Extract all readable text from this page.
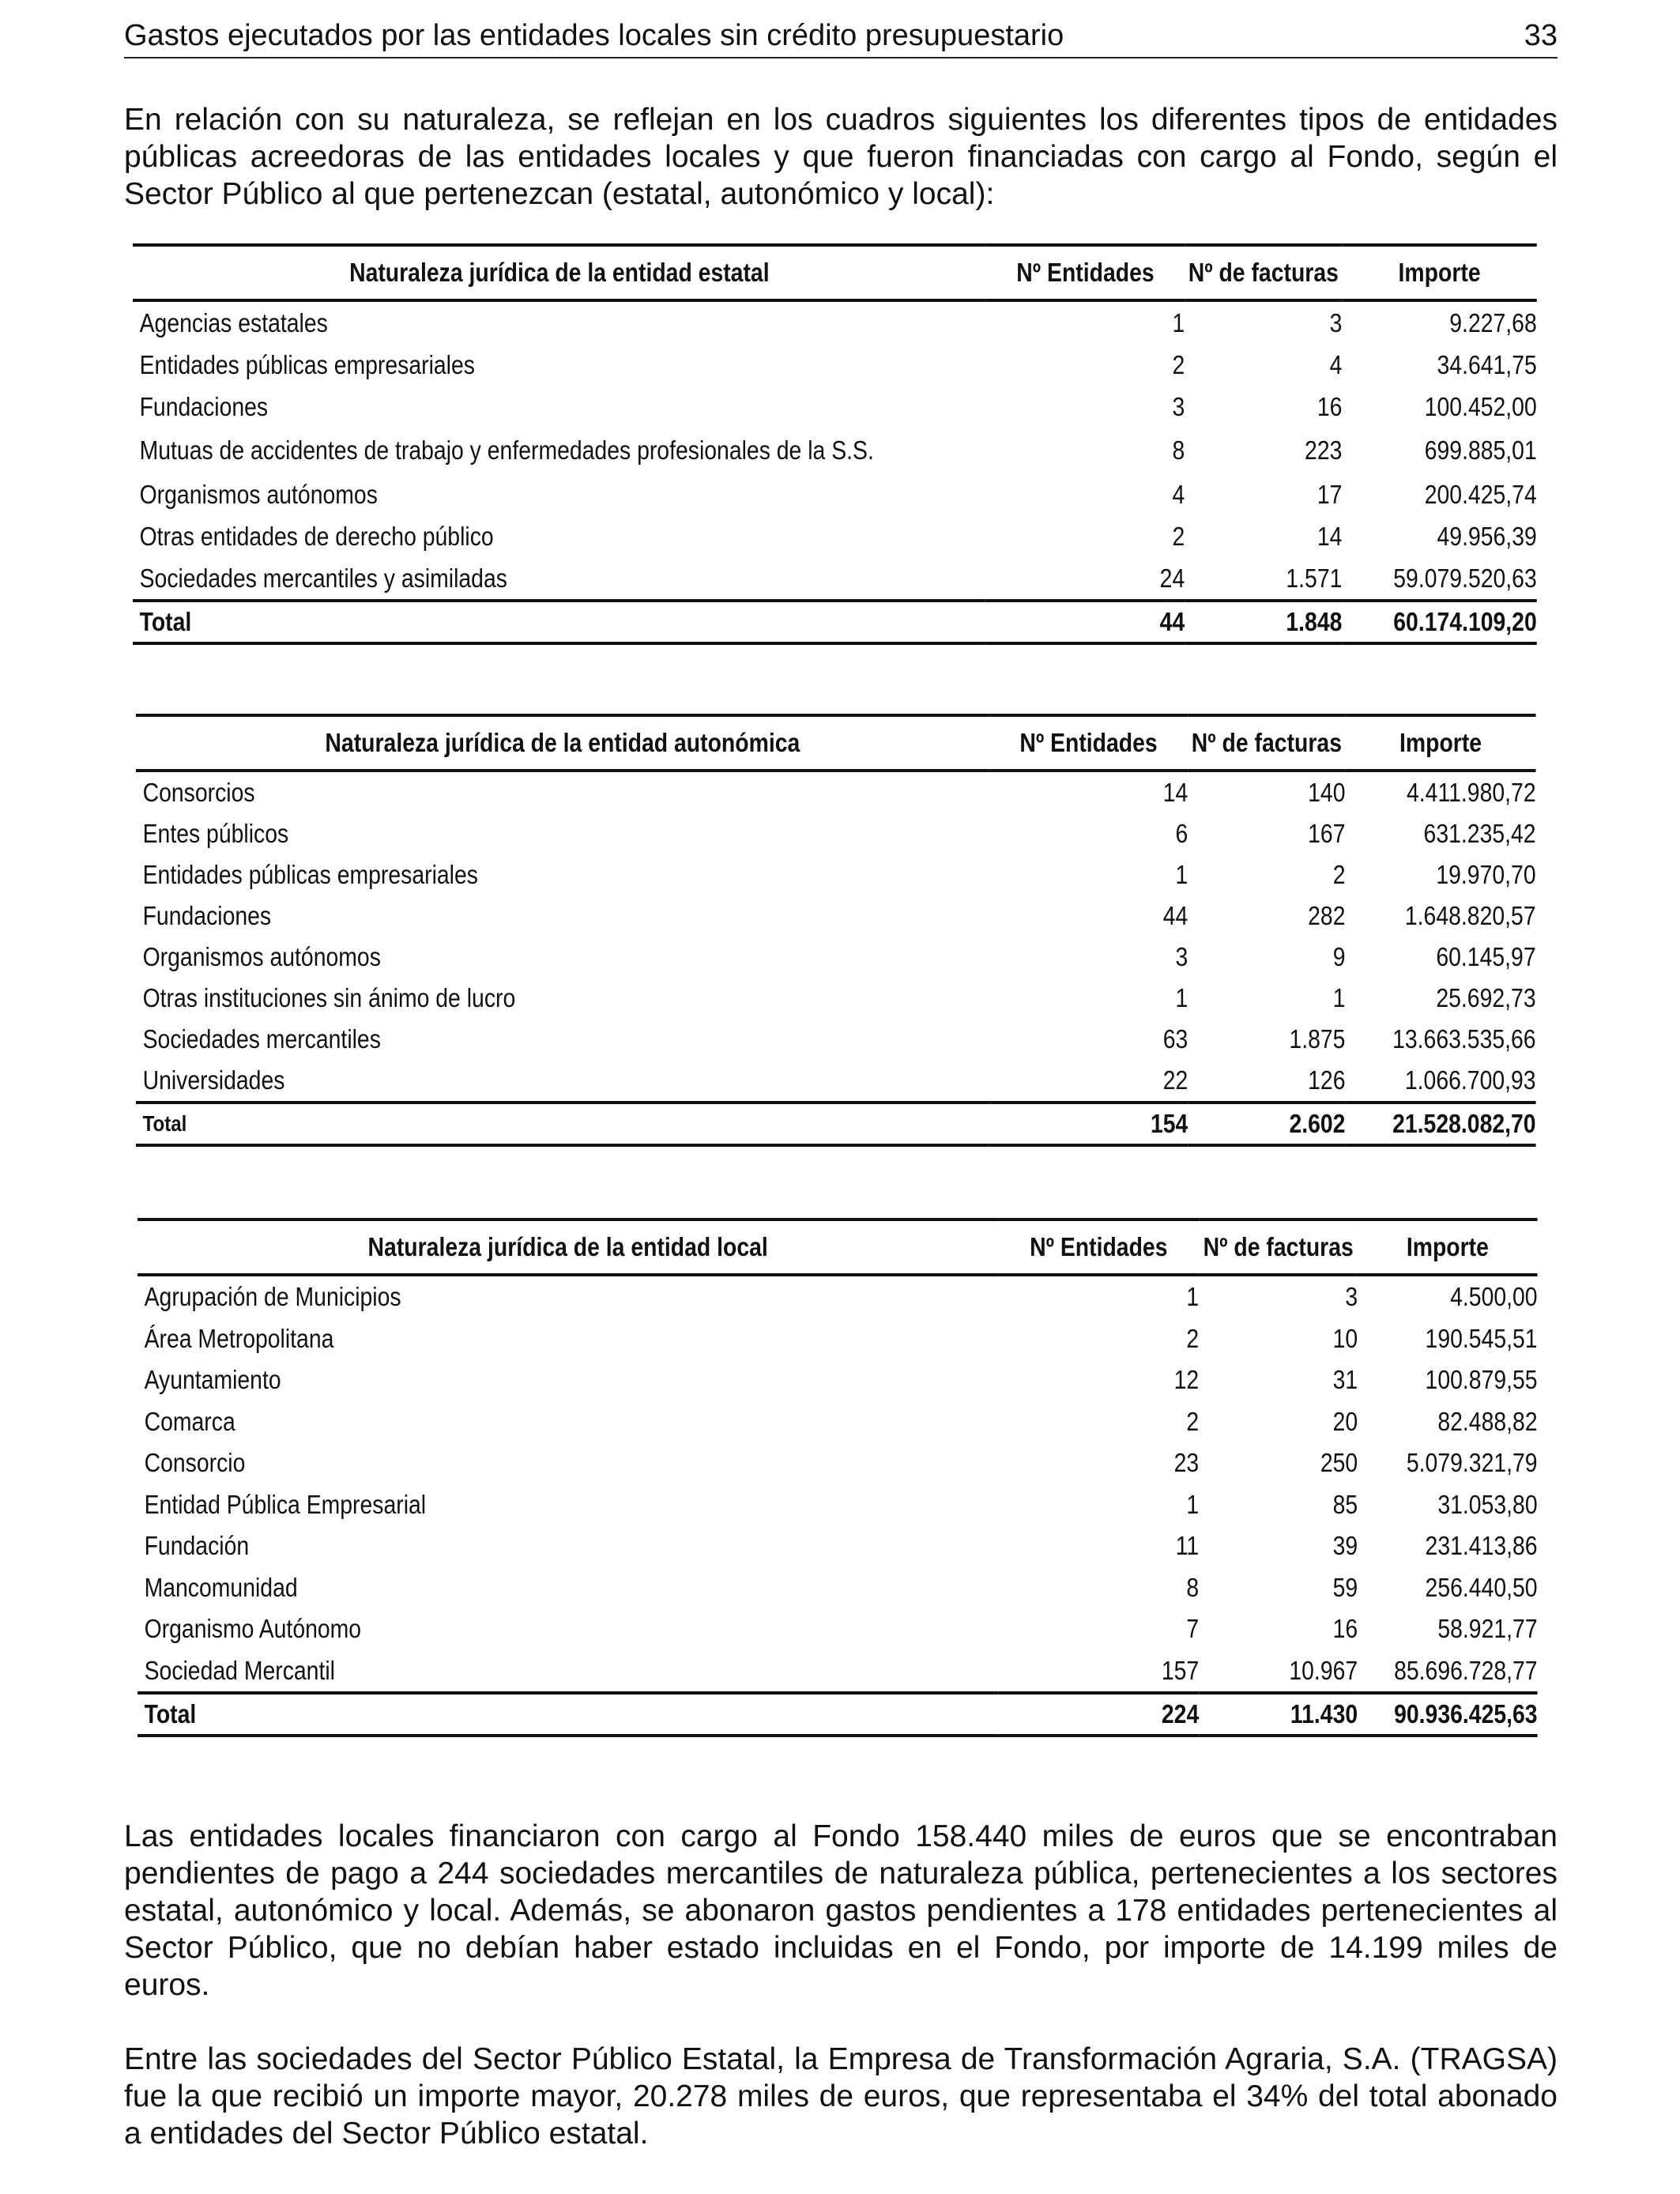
Gastos ejecutados por las entidades locales sin crédito presupuestario	33

En relación con su naturaleza, se reflejan en los cuadros siguientes los diferentes tipos de entidades públicas acreedoras de las entidades locales y que fueron financiadas con cargo al Fondo, según el Sector Público al que pertenezcan (estatal, autonómico y local):

Naturaleza jurídica de la entidad estatal	Nº Entidades	Nº de facturas	Importe
Agencias estatales	1	3	9.227,68
Entidades públicas empresariales	2	4	34.641,75
Fundaciones	3	16	100.452,00
Mutuas de accidentes de trabajo y enfermedades profesionales de la S.S.	8	223	699.885,01
Organismos autónomos	4	17	200.425,74
Otras entidades de derecho público	2	14	49.956,39
Sociedades mercantiles y asimiladas	24	1.571	59.079.520,63
Total	44	1.848	60.174.109,20
Naturaleza jurídica de la entidad autonómica	Nº Entidades	Nº de facturas	Importe
Consorcios	14	140	4.411.980,72
Entes públicos	6	167	631.235,42
Entidades públicas empresariales	1	2	19.970,70
Fundaciones	44	282	1.648.820,57
Organismos autónomos	3	9	60.145,97
Otras instituciones sin ánimo de lucro	1	1	25.692,73
Sociedades mercantiles	63	1.875	13.663.535,66
Universidades	22	126	1.066.700,93
Total	154	2.602	21.528.082,70
Naturaleza jurídica de la entidad local	Nº Entidades	Nº de facturas	Importe
Agrupación de Municipios	1	3	4.500,00
Área Metropolitana	2	10	190.545,51
Ayuntamiento	12	31	100.879,55
Comarca	2	20	82.488,82
Consorcio	23	250	5.079.321,79
Entidad Pública Empresarial	1	85	31.053,80
Fundación	11	39	231.413,86
Mancomunidad	8	59	256.440,50
Organismo Autónomo	7	16	58.921,77
Sociedad Mercantil	157	10.967	85.696.728,77
Total	224	11.430	90.936.425,63

Las entidades locales financiaron con cargo al Fondo 158.440 miles de euros que se encontraban pendientes de pago a 244 sociedades mercantiles de naturaleza pública, pertenecientes a los sectores estatal, autonómico y local. Además, se abonaron gastos pendientes a 178 entidades pertenecientes al Sector Público, que no debían haber estado incluidas en el Fondo, por importe de 14.199 miles de euros.

Entre las sociedades del Sector Público Estatal, la Empresa de Transformación Agraria, S.A. (TRAGSA) fue la que recibió un importe mayor, 20.278 miles de euros, que representaba el 34% del total abonado a entidades del Sector Público estatal.
